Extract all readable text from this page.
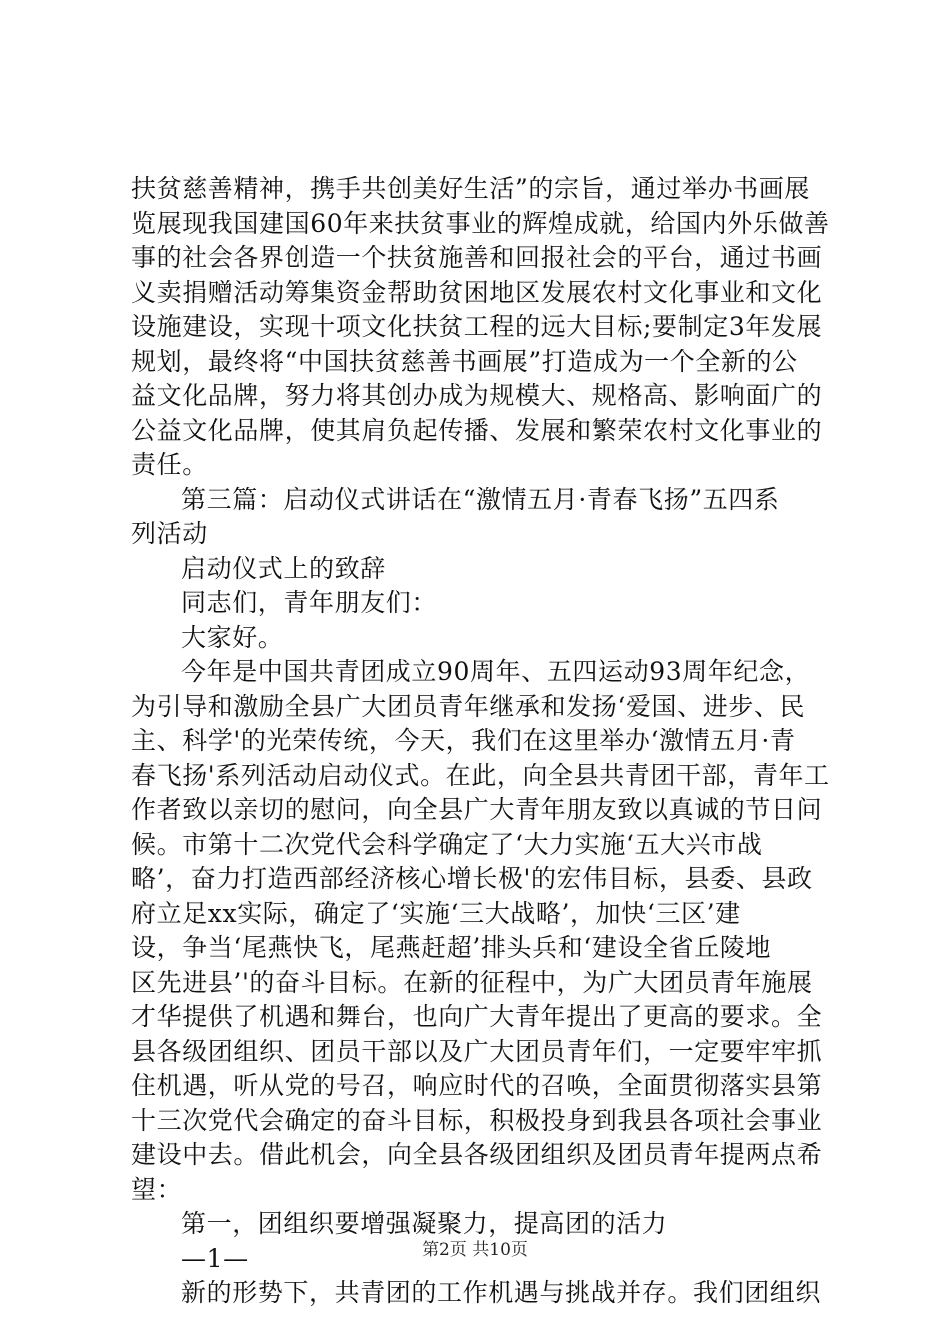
扶贫慈善精神，携手共创美好生活”的宗旨，通过举办书画展
览展现我国建国60年来扶贫事业的辉煌成就，给国内外乐做善
事的社会各界创造一个扶贫施善和回报社会的平台，通过书画
义卖捐赠活动筹集资金帮助贫困地区发展农村文化事业和文化
设施建设，实现十项文化扶贫工程的远大目标;要制定3年发展
规划，最终将“中国扶贫慈善书画展”打造成为一个全新的公
益文化品牌，努力将其创办成为规模大、规格高、影响面广的
公益文化品牌，使其肩负起传播、发展和繁荣农村文化事业的
责任。
第三篇：启动仪式讲话在“激情五月·青春飞扬”五四系
列活动
启动仪式上的致辞
同志们，青年朋友们：
大家好。
今年是中国共青团成立90周年、五四运动93周年纪念，
为引导和激励全县广大团员青年继承和发扬‘爱国、进步、民
主、科学'的光荣传统，今天，我们在这里举办‘激情五月·青
春飞扬'系列活动启动仪式。在此，向全县共青团干部，青年工
作者致以亲切的慰问，向全县广大青年朋友致以真诚的节日问
候。市第十二次党代会科学确定了‘大力实施‘五大兴市战
略’，奋力打造西部经济核心增长极'的宏伟目标，县委、县政
府立足xx实际，确定了‘实施‘三大战略’，加快‘三区’建
设，争当‘尾燕快飞，尾燕赶超’排头兵和‘建设全省丘陵地
区先进县’'的奋斗目标。在新的征程中，为广大团员青年施展
才华提供了机遇和舞台，也向广大青年提出了更高的要求。全
县各级团组织、团员干部以及广大团员青年们，一定要牢牢抓
住机遇，听从党的号召，响应时代的召唤，全面贯彻落实县第
十三次党代会确定的奋斗目标，积极投身到我县各项社会事业
建设中去。借此机会，向全县各级团组织及团员青年提两点希
望：
第一，团组织要增强凝聚力，提高团的活力
—1—
新的形势下，共青团的工作机遇与挑战并存。我们团组织
第2页 共10页
